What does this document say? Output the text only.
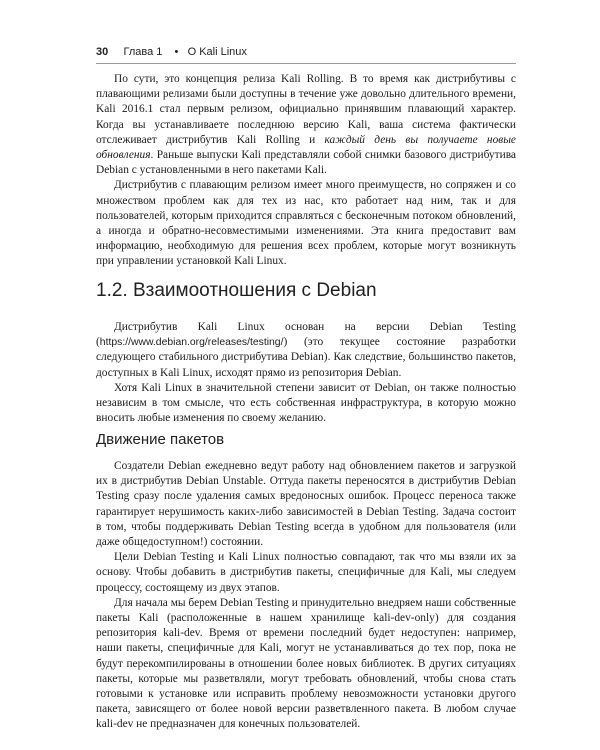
30 Глава 1 • О Kali Linux

По сути, это концепция релиза Kali Rolling. В то время как дистрибутивы с плавающими релизами были доступны в течение уже довольно длительного времени, Kali 2016.1 стал первым релизом, официально принявшим плавающий характер. Когда вы устанавливаете последнюю версию Kali, ваша система фактически отслеживает дистрибутив Kali Rolling и каждый день вы получаете новые обновления. Раньше выпуски Kali представляли собой снимки базового дистрибутива Debian с установленными в него пакетами Kali.

Дистрибутив с плавающим релизом имеет много преимуществ, но сопряжен и со множеством проблем как для тех из нас, кто работает над ним, так и для пользователей, которым приходится справляться с бесконечным потоком обновлений, а иногда и обратно-несовместимыми изменениями. Эта книга предоставит вам информацию, необходимую для решения всех проблем, которые могут возникнуть при управлении установкой Kali Linux.

1.2. Взаимоотношения с Debian

Дистрибутив Kali Linux основан на версии Debian Testing (https://www.debian.org/releases/testing/) (это текущее состояние разработки следующего стабильного дистрибутива Debian). Как следствие, большинство пакетов, доступных в Kali Linux, исходят прямо из репозитория Debian.

Хотя Kali Linux в значительной степени зависит от Debian, он также полностью независим в том смысле, что есть собственная инфраструктура, в которую можно вносить любые изменения по своему желанию.

Движение пакетов

Создатели Debian ежедневно ведут работу над обновлением пакетов и загрузкой их в дистрибутив Debian Unstable. Оттуда пакеты переносятся в дистрибутив Debian Testing сразу после удаления самых вредоносных ошибок. Процесс переноса также гарантирует нерушимость каких-либо зависимостей в Debian Testing. Задача состоит в том, чтобы поддерживать Debian Testing всегда в удобном для пользователя (или даже общедоступном!) состоянии.

Цели Debian Testing и Kali Linux полностью совпадают, так что мы взяли их за основу. Чтобы добавить в дистрибутив пакеты, специфичные для Kali, мы следуем процессу, состоящему из двух этапов.

Для начала мы берем Debian Testing и принудительно внедряем наши собственные пакеты Kali (расположенные в нашем хранилище kali-dev-only) для создания репозитория kali-dev. Время от времени последний будет недоступен: например, наши пакеты, специфичные для Kali, могут не устанавливаться до тех пор, пока не будут перекомпилированы в отношении более новых библиотек. В других ситуациях пакеты, которые мы разветвляли, могут требовать обновлений, чтобы снова стать готовыми к установке или исправить проблему невозможности установки другого пакета, зависящего от более новой версии разветвленного пакета. В любом случае kali-dev не предназначен для конечных пользователей.
